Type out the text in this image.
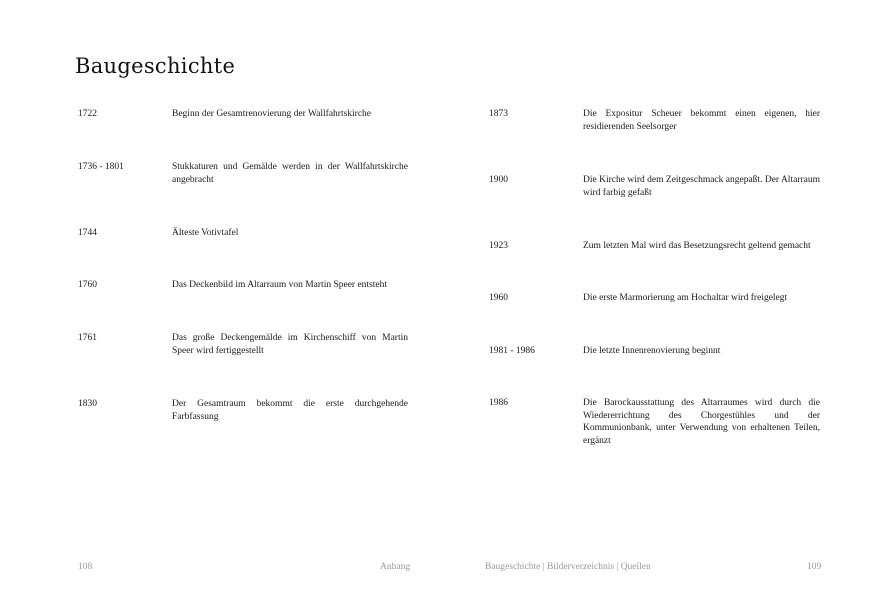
Baugeschichte
1722	Beginn der Gesamtrenovierung der Wallfahrtskirche
1736 - 1801	Stukkaturen und Gemälde werden in der Wallfahrtskirche angebracht
1744	Älteste Votivtafel
1760	Das Deckenbild im Altarraum von Martin Speer entsteht
1761	Das große Deckengemälde im Kirchenschiff von Martin Speer wird fertiggestellt
1830	Der Gesamtraum bekommt die erste durchgehende Farbfassung
1873	Die Expositur Scheuer bekommt einen eigenen, hier residierenden Seelsorger
1900	Die Kirche wird dem Zeitgeschmack angepaßt. Der Altarraum wird farbig gefaßt
1923	Zum letzten Mal wird das Besetzungsrecht geltend gemacht
1960	Die erste Marmorierung am Hochaltar wird freigelegt
1981 - 1986	Die letzte Innenrenovierung beginnt
1986	Die Barockausstattung des Altarraumes wird durch die Wiedererrichtung des Chorgestühles und der Kommunionbank, unter Verwendung von erhaltenen Teilen, ergänzt
108	Anhang	Baugeschichte | Bilderverzeichnis | Quellen	109
